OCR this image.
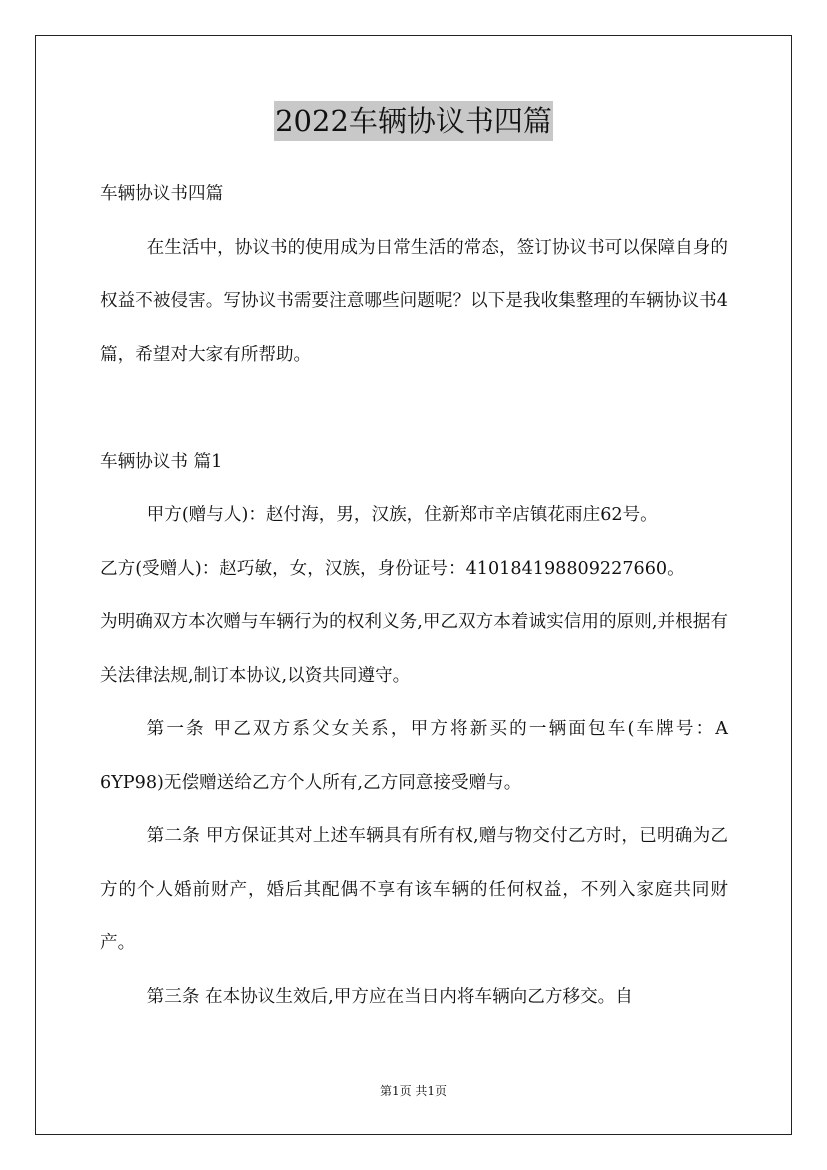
2022车辆协议书四篇

车辆协议书四篇

在生活中，协议书的使用成为日常生活的常态，签订协议书可以保障自身的权益不被侵害。写协议书需要注意哪些问题呢？以下是我收集整理的车辆协议书4篇，希望对大家有所帮助。

车辆协议书 篇1

甲方(赠与人)：赵付海，男，汉族，住新郑市辛店镇花雨庄62号。

乙方(受赠人)：赵巧敏，女，汉族，身份证号：410184198809227660。

为明确双方本次赠与车辆行为的权利义务,甲乙双方本着诚实信用的原则,并根据有关法律法规,制订本协议,以资共同遵守。

第一条 甲乙双方系父女关系，甲方将新买的一辆面包车(车牌号：A 6YP98)无偿赠送给乙方个人所有,乙方同意接受赠与。

第二条 甲方保证其对上述车辆具有所有权,赠与物交付乙方时，已明确为乙方的个人婚前财产，婚后其配偶不享有该车辆的任何权益，不列入家庭共同财产。

第三条 在本协议生效后,甲方应在当日内将车辆向乙方移交。自

第1页 共1页
